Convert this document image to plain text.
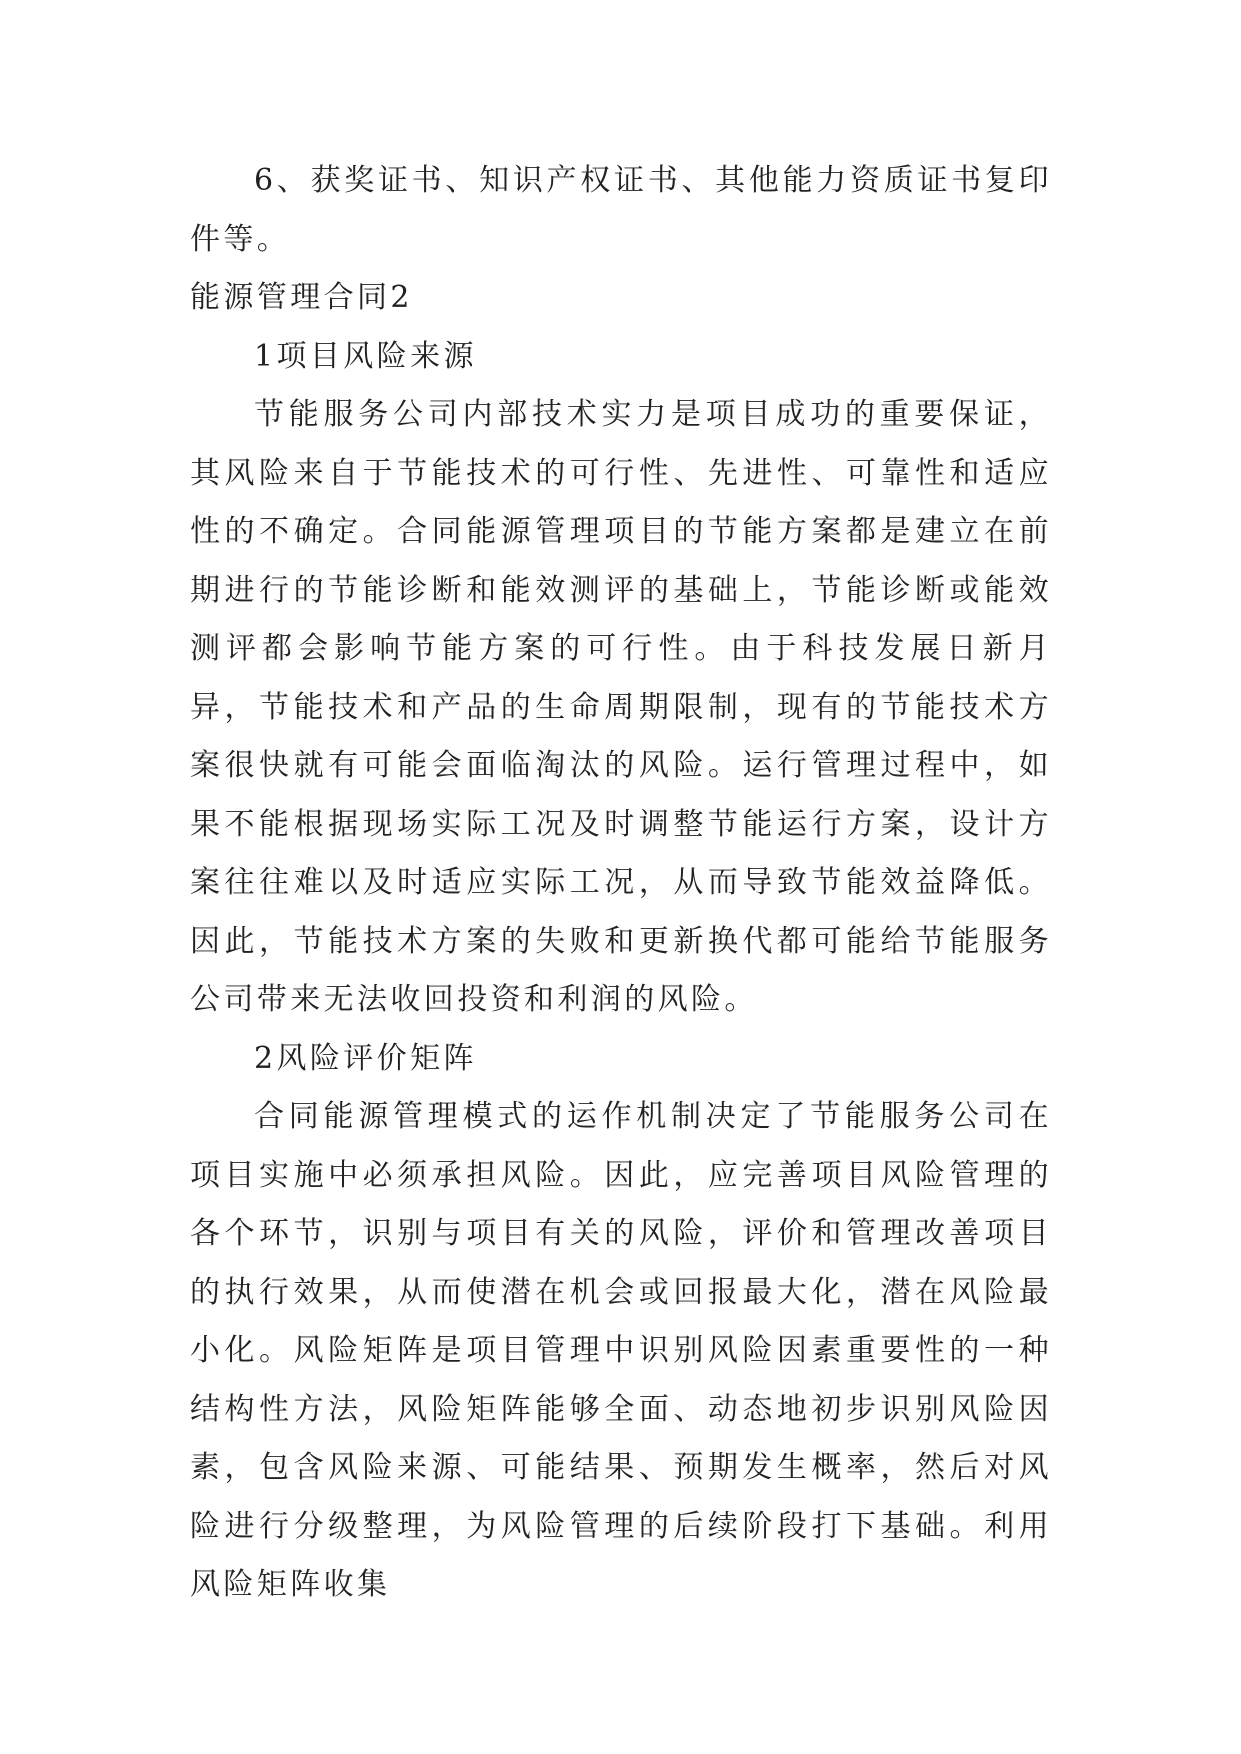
6、获奖证书、知识产权证书、其他能力资质证书复印件等。

能源管理合同2

1项目风险来源

节能服务公司内部技术实力是项目成功的重要保证，其风险来自于节能技术的可行性、先进性、可靠性和适应性的不确定。合同能源管理项目的节能方案都是建立在前期进行的节能诊断和能效测评的基础上，节能诊断或能效测评都会影响节能方案的可行性。由于科技发展日新月异，节能技术和产品的生命周期限制，现有的节能技术方案很快就有可能会面临淘汰的风险。运行管理过程中，如果不能根据现场实际工况及时调整节能运行方案，设计方案往往难以及时适应实际工况，从而导致节能效益降低。因此，节能技术方案的失败和更新换代都可能给节能服务公司带来无法收回投资和利润的风险。

2风险评价矩阵

合同能源管理模式的运作机制决定了节能服务公司在项目实施中必须承担风险。因此，应完善项目风险管理的各个环节，识别与项目有关的风险，评价和管理改善项目的执行效果，从而使潜在机会或回报最大化，潜在风险最小化。风险矩阵是项目管理中识别风险因素重要性的一种结构性方法，风险矩阵能够全面、动态地初步识别风险因素，包含风险来源、可能结果、预期发生概率，然后对风险进行分级整理，为风险管理的后续阶段打下基础。利用风险矩阵收集
